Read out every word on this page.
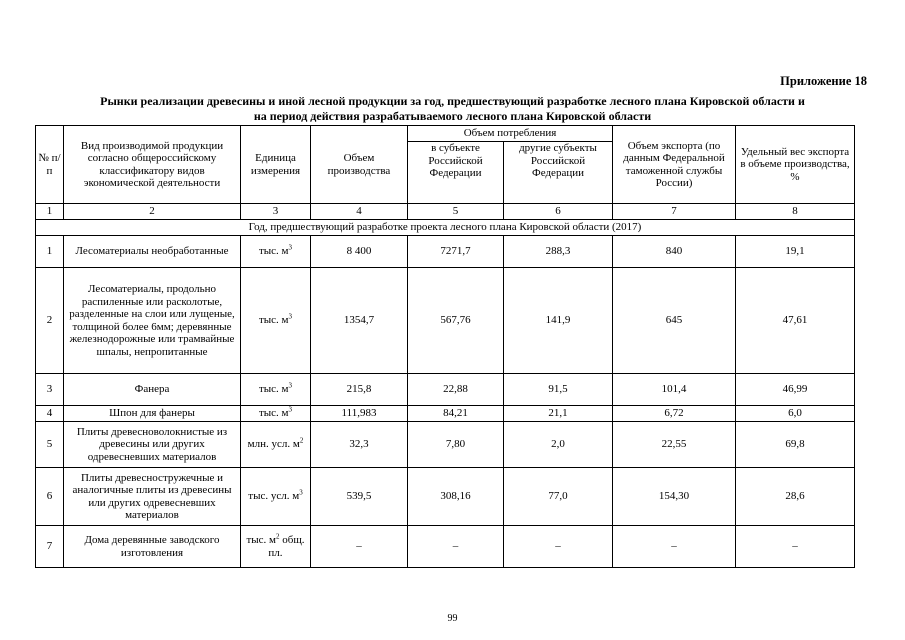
Приложение 18
Рынки реализации древесины и иной лесной продукции за год, предшествующий разработке лесного плана Кировской области и
на период действия разрабатываемого лесного плана Кировской области
№ п/п	Вид производимой продукции согласно общероссийскому классификатору видов экономической деятельности	Единица измерения	Объем производства	Объем потребления		Объем экспорта (по данным Федеральной таможенной службы России)	Удельный вес экспорта в объеме производства, %
				в субъекте Российской Федерации	другие субъекты Российской Федерации		
1	2	3	4	5	6	7	8
Год, предшествующий разработке проекта лесного плана Кировской области (2017)							
1	Лесоматериалы необработанные	тыс. $м^3$	8 400	7271,7	288,3	840	19,1
2	Лесоматериалы, продольно распиленные или расколотые, разделенные на слои или лущеные, толщиной более 6мм; деревянные железнодорожные или трамвайные шпалы, непропитанные	тыс. $м^3$	1354,7	567,76	141,9	645	47,61
3	Фанера	тыс. $м^3$	215,8	22,88	91,5	101,4	46,99
4	Шпон для фанеры	тыс. $м^3$	111,983	84,21	21,1	6,72	6,0
5	Плиты древесноволокнистые из древесины или других одревесневших материалов	млн. усл. $м^2$	32,3	7,80	2,0	22,55	69,8
6	Плиты древесностружечные и аналогичные плиты из древесины или других одревесневших материалов	тыс. усл. $м^3$	539,5	308,16	77,0	154,30	28,6
7	Дома деревянные заводского изготовления	тыс. $м^2$ общ. пл.	–	–	–	–	–
99
